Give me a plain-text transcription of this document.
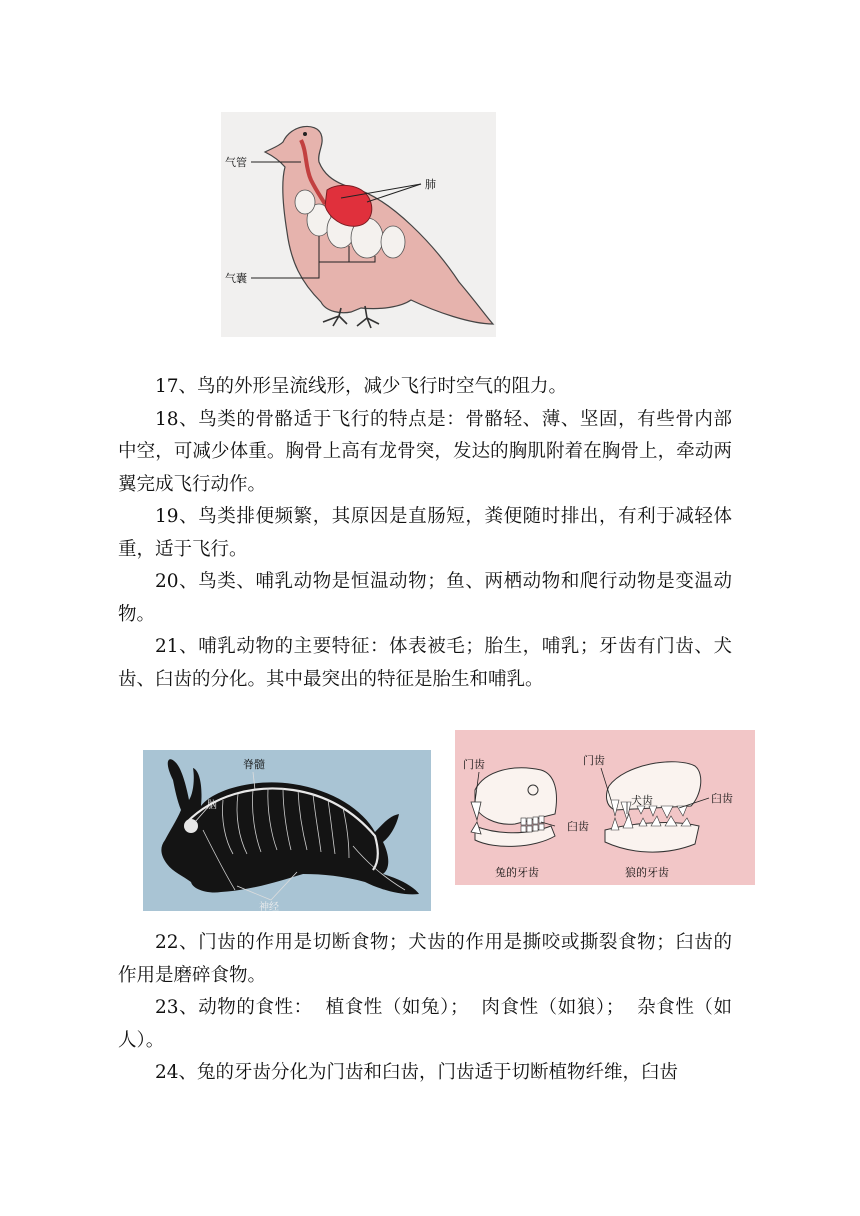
气管
肺
气囊

17、鸟的外形呈流线形，减少飞行时空气的阻力。

18、鸟类的骨骼适于飞行的特点是：骨骼轻、薄、坚固，有些骨内部中空，可减少体重。胸骨上高有龙骨突，发达的胸肌附着在胸骨上，牵动两翼完成飞行动作。

19、鸟类排便频繁，其原因是直肠短，粪便随时排出，有利于减轻体重，适于飞行。

20、鸟类、哺乳动物是恒温动物；鱼、两栖动物和爬行动物是变温动物。

21、哺乳动物的主要特征：体表被毛；胎生，哺乳；牙齿有门齿、犬齿、臼齿的分化。其中最突出的特征是胎生和哺乳。

脊髓
脑
神经
门齿
臼齿
兔的牙齿
门齿
犬齿	臼齿
狼的牙齿

22、门齿的作用是切断食物；犬齿的作用是撕咬或撕裂食物；臼齿的作用是磨碎食物。

23、动物的食性：  植食性（如兔）；  肉食性（如狼）；  杂食性（如人）。

24、兔的牙齿分化为门齿和臼齿，门齿适于切断植物纤维，臼齿
